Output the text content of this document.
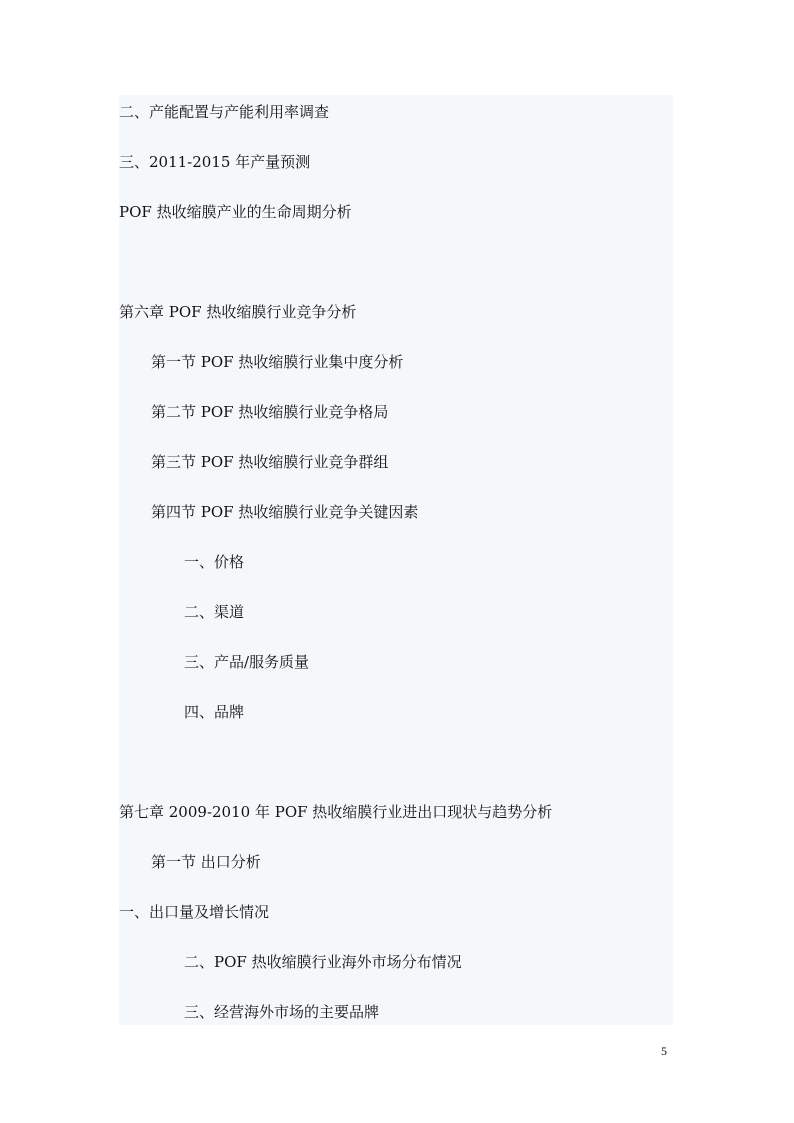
二、产能配置与产能利用率调查
三、2011-2015 年产量预测
POF 热收缩膜产业的生命周期分析
第六章 POF 热收缩膜行业竞争分析
第一节 POF 热收缩膜行业集中度分析
第二节 POF 热收缩膜行业竞争格局
第三节 POF 热收缩膜行业竞争群组
第四节 POF 热收缩膜行业竞争关键因素
一、价格
二、渠道
三、产品/服务质量
四、品牌
第七章 2009-2010 年 POF 热收缩膜行业进出口现状与趋势分析
第一节 出口分析
一、出口量及增长情况
二、POF 热收缩膜行业海外市场分布情况
三、经营海外市场的主要品牌
5
